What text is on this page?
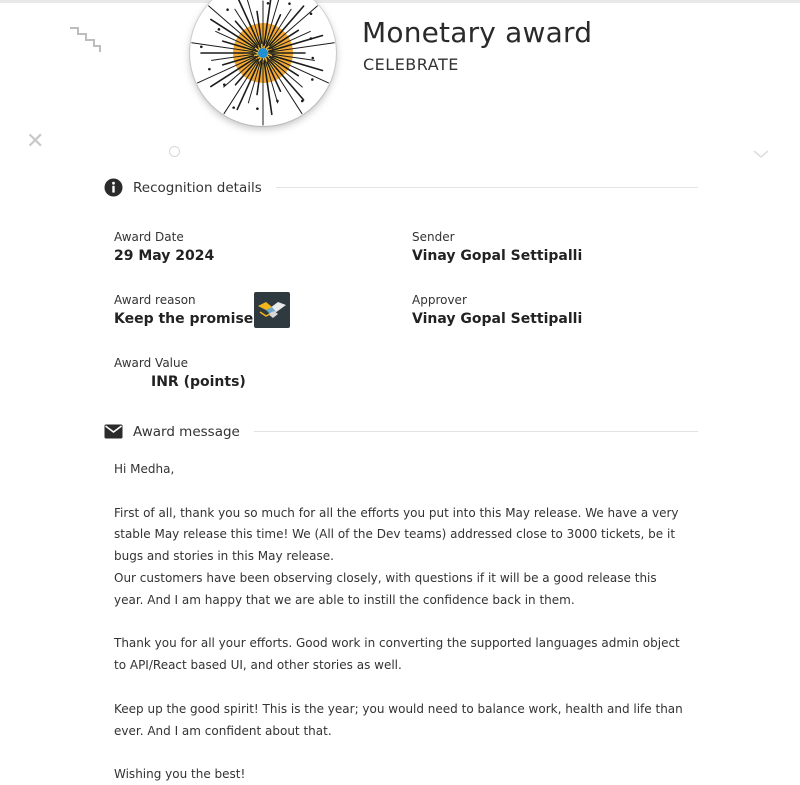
✕
Monetary award
CELEBRATE
Recognition details
Award Date
29 May 2024
Sender
Vinay Gopal Settipalli
Award reason
Keep the promise
Approver
Vinay Gopal Settipalli
Award Value
INR (points)
Award message

Hi Medha,

First of all, thank you so much for all the efforts you put into this May release. We have a very stable May release this time! We (All of the Dev teams) addressed close to 3000 tickets, be it bugs and stories in this May release.

Our customers have been observing closely, with questions if it will be a good release this year. And I am happy that we are able to instill the confidence back in them.

Thank you for all your efforts. Good work in converting the supported languages admin object to API/React based UI, and other stories as well.

Keep up the good spirit! This is the year; you would need to balance work, health and life than ever. And I am confident about that.

Wishing you the best!
